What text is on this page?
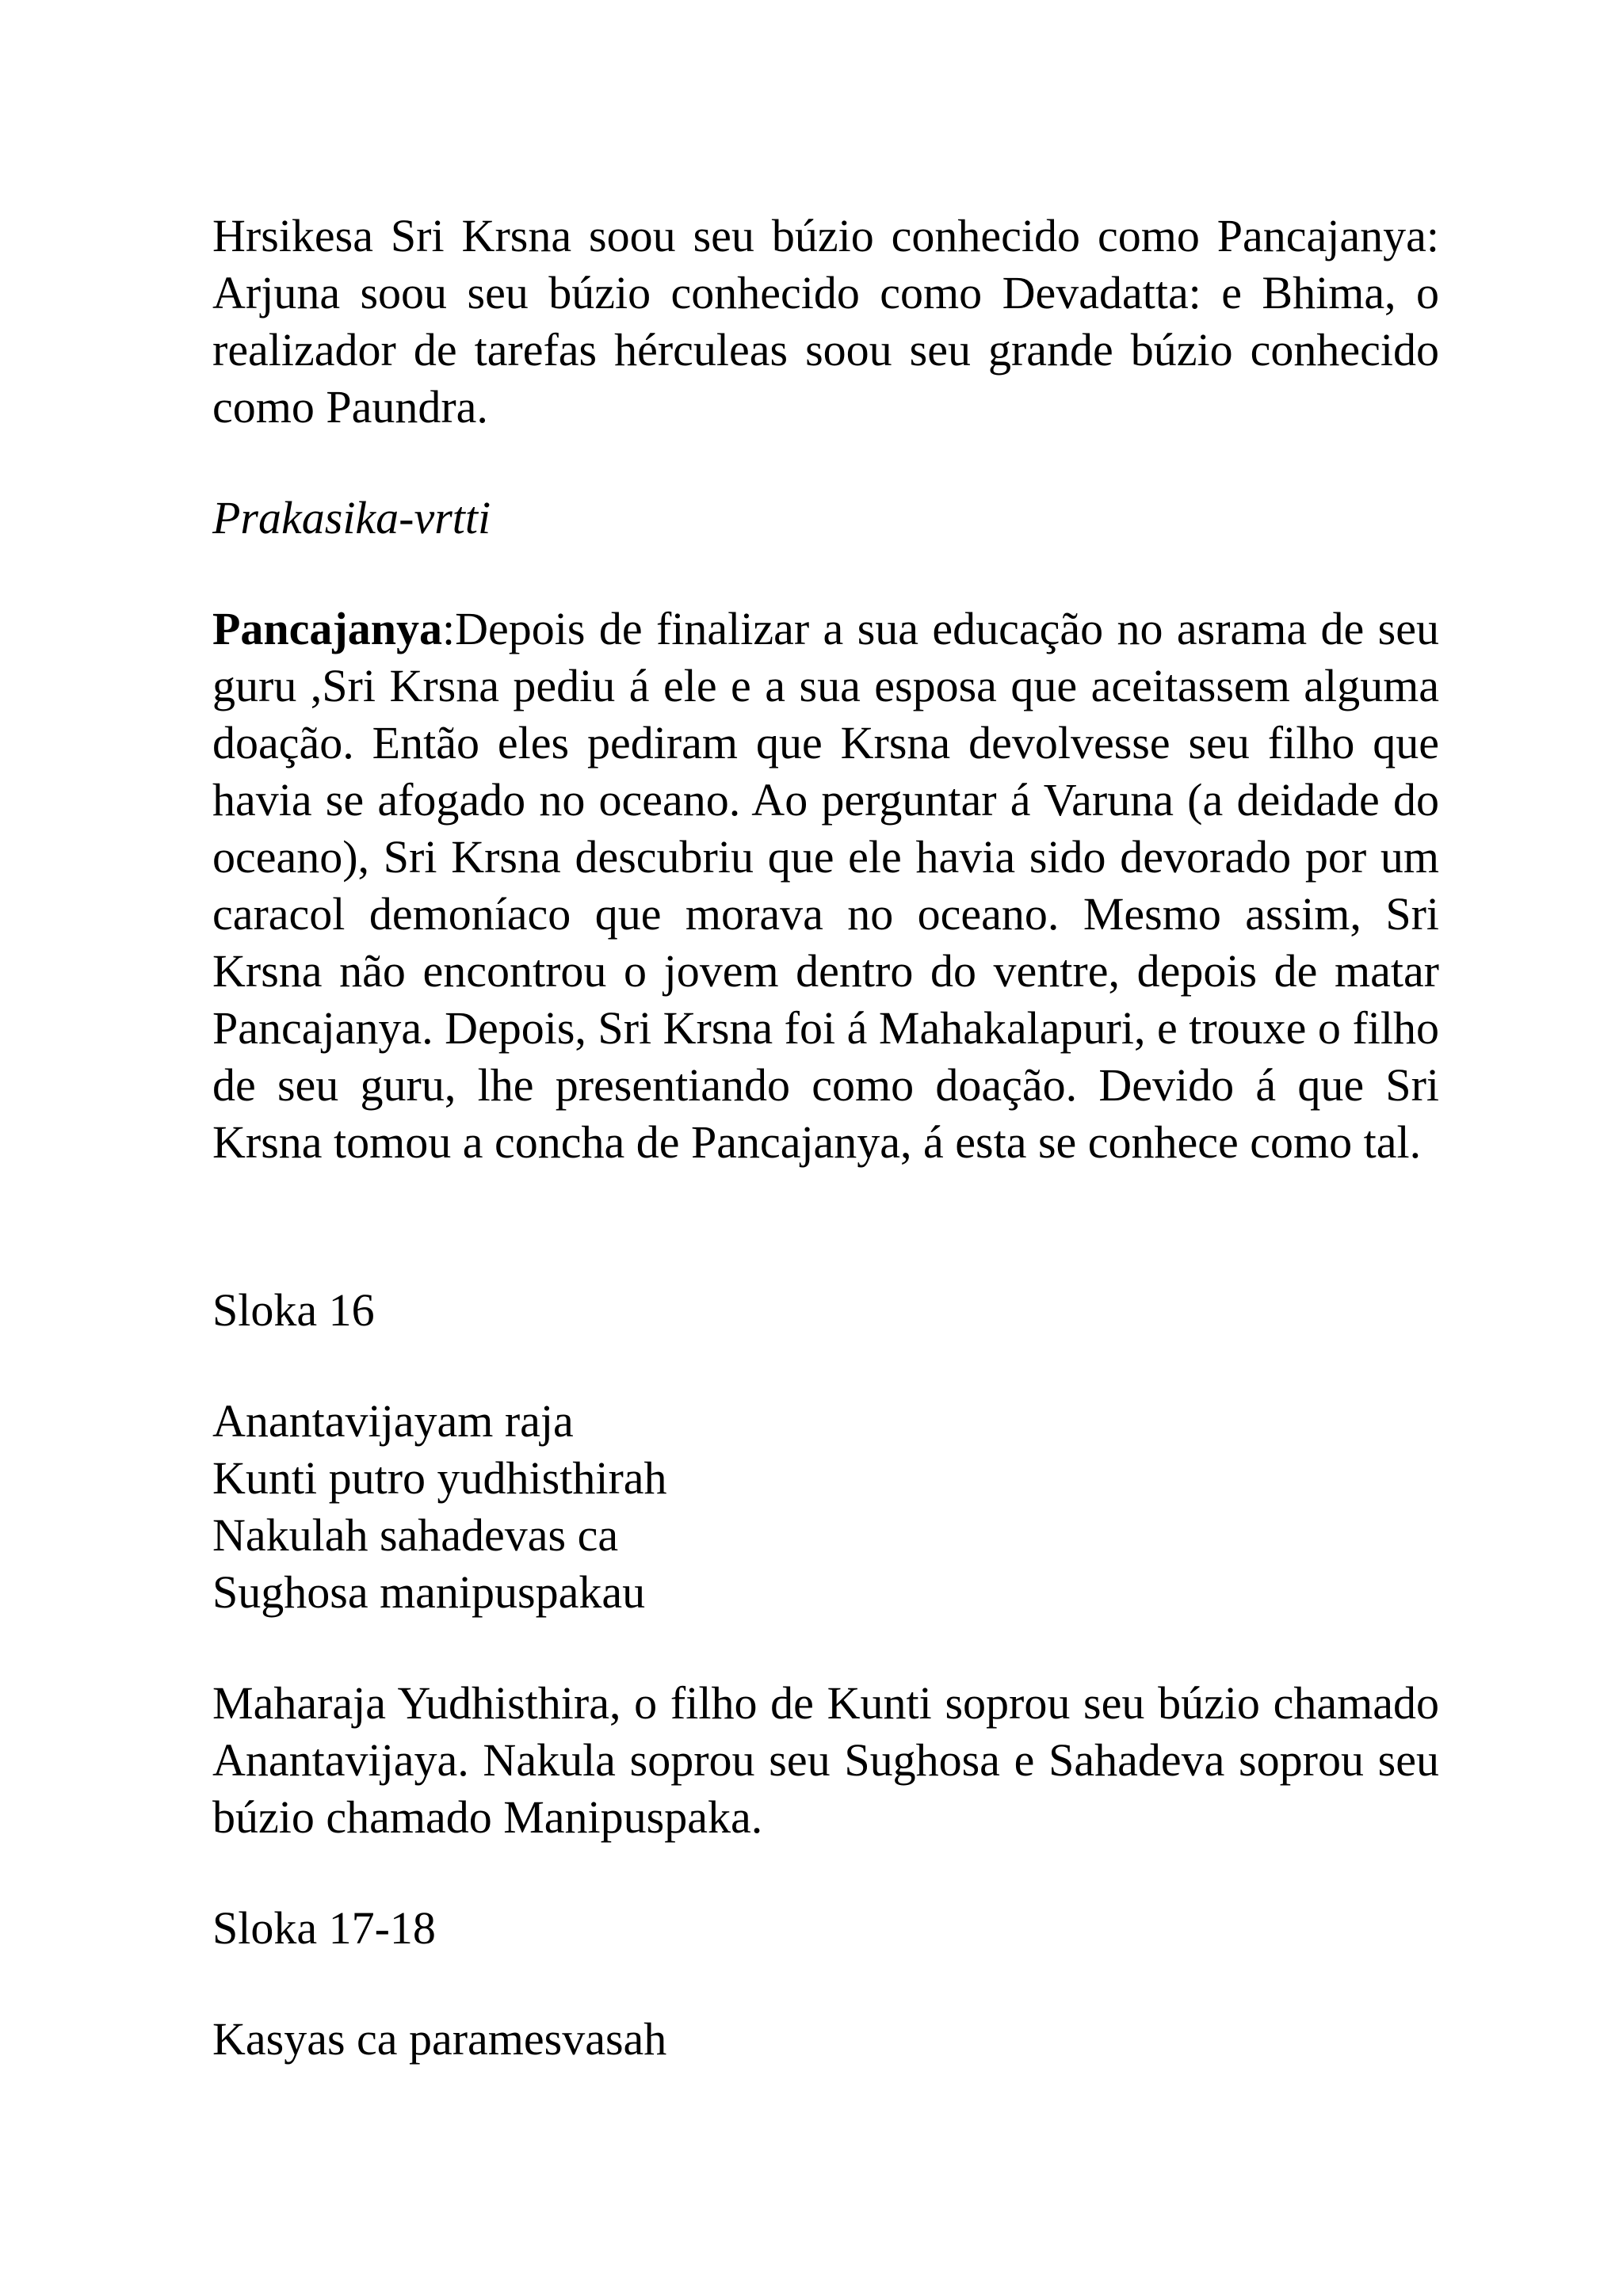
Hrsikesa Sri Krsna soou seu búzio conhecido como Pancajanya: Arjuna soou seu búzio conhecido como Devadatta: e Bhima, o realizador de tarefas hérculeas soou seu grande búzio conhecido como Paundra.

Prakasika-vrtti

Pancajanya:Depois de finalizar a sua educação no asrama de seu guru ,Sri Krsna pediu á ele e a sua esposa que aceitassem alguma doação. Então eles pediram que Krsna devolvesse seu filho que havia se afogado no oceano. Ao perguntar á Varuna (a deidade do oceano), Sri Krsna descubriu que ele havia sido devorado por um caracol demoníaco que morava no oceano. Mesmo assim, Sri Krsna não encontrou o jovem dentro do ventre, depois de matar Pancajanya. Depois, Sri Krsna foi á Mahakalapuri, e trouxe o filho de seu guru, lhe presentiando como doação. Devido á que Sri Krsna tomou a concha de Pancajanya, á esta se conhece como tal.

Sloka 16

Anantavijayam raja
Kunti putro yudhisthirah
Nakulah sahadevas ca
Sughosa manipuspakau

Maharaja Yudhisthira, o filho de Kunti soprou seu búzio chamado Anantavijaya. Nakula soprou seu Sughosa e Sahadeva soprou seu búzio chamado Manipuspaka.

Sloka 17-18

Kasyas ca paramesvasah
